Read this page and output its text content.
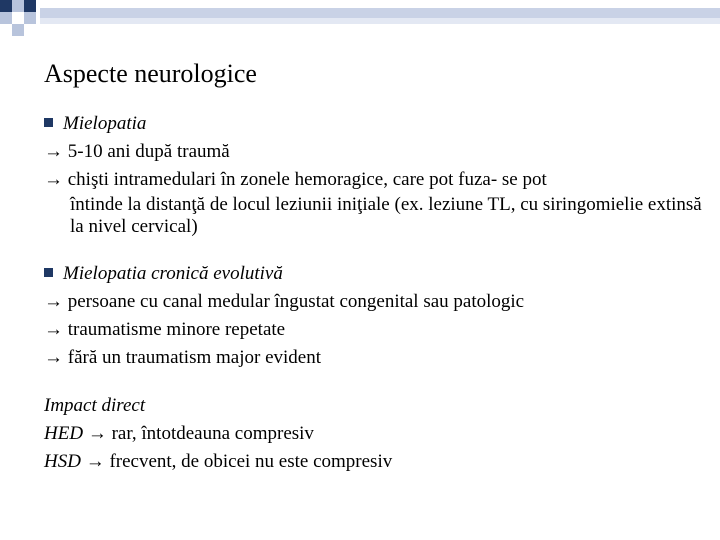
Aspecte neurologice
Mielopatia
→ 5-10 ani după traumă
→ chişti intramedulari în zonele hemoragice, care pot fuza- se pot
întinde la distanţă de locul leziunii iniţiale (ex. leziune TL, cu siringomielie extinsă la nivel cervical)
Mielopatia cronică evolutivă
→ persoane cu canal medular îngustat congenital sau patologic
→ traumatisme minore repetate
→ fără un traumatism major evident
Impact direct
HED → rar, întotdeauna compresiv
HSD → frecvent, de obicei nu este compresiv
